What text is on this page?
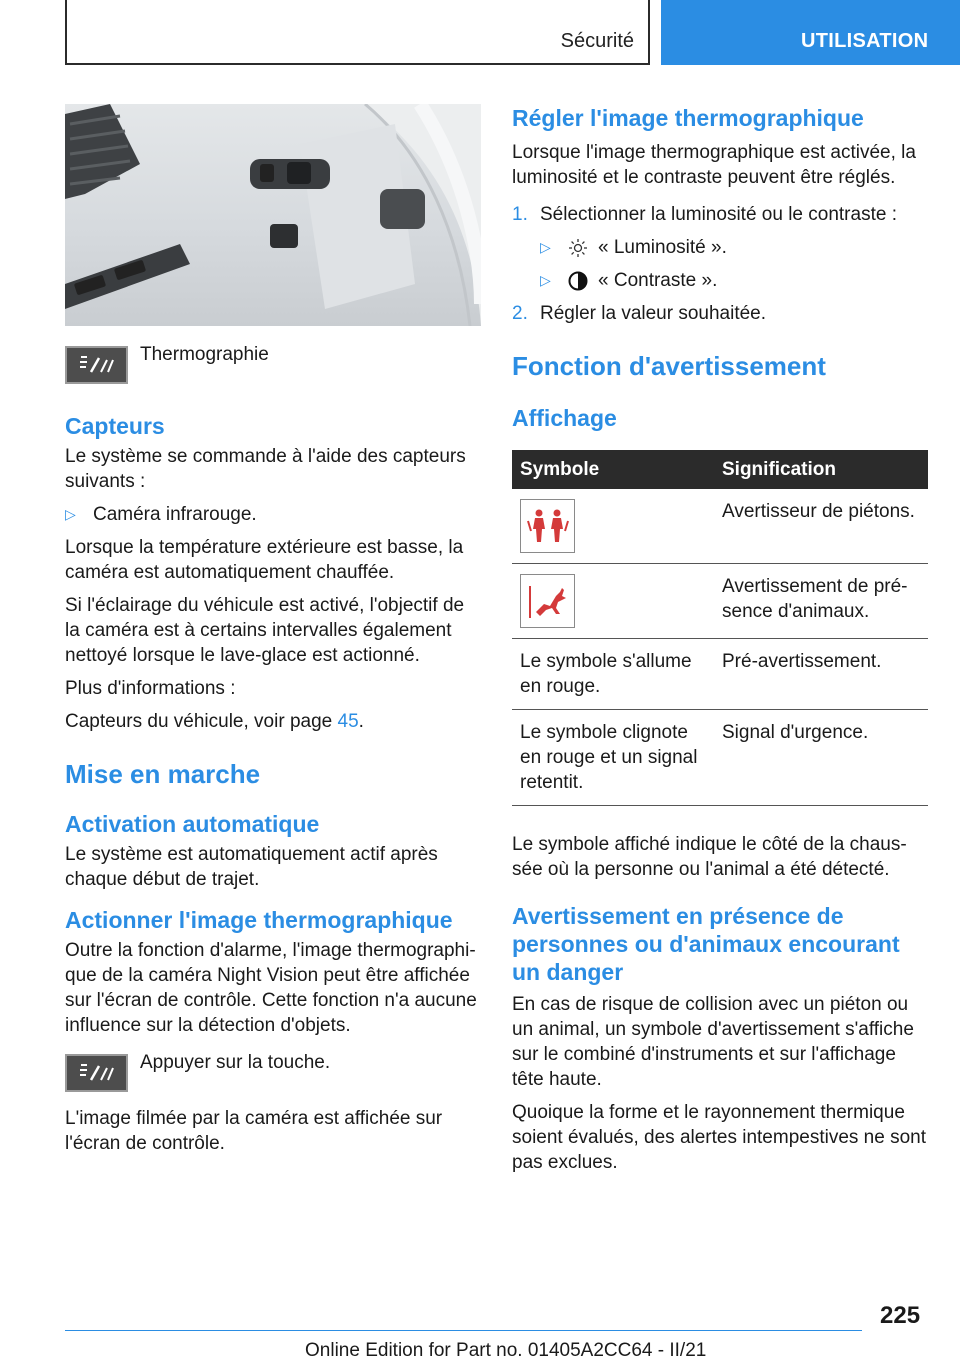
Sécurité	UTILISATION
Thermographie
Capteurs
Le système se commande à l'aide des capteurs suivants :
▷ Caméra infrarouge.
Lorsque la température extérieure est basse, la caméra est automatiquement chauffée.
Si l'éclairage du véhicule est activé, l'objectif de la caméra est à certains intervalles également nettoyé lorsque le lave-glace est actionné.
Plus d'informations :
Capteurs du véhicule, voir page 45.
Mise en marche
Activation automatique
Le système est automatiquement actif après chaque début de trajet.
Actionner l'image thermographique
Outre la fonction d'alarme, l'image thermographi-que de la caméra Night Vision peut être affichée sur l'écran de contrôle. Cette fonction n'a aucune influence sur la détection d'objets.
Appuyer sur la touche.
L'image filmée par la caméra est affichée sur l'écran de contrôle.
Régler l'image thermographique
Lorsque l'image thermographique est activée, la luminosité et le contraste peuvent être réglés.
1. Sélectionner la luminosité ou le contraste :
▷	« Luminosité ».
▷	« Contraste ».
2. Régler la valeur souhaitée.
Fonction d'avertissement
Affichage
Symbole	Signification

	Avertisseur de piétons.

	Avertissement de pré-sence d'animaux.
Le symbole s'allume en rouge.	Pré-avertissement.
Le symbole clignote en rouge et un signal retentit.	Signal d'urgence.
Le symbole affiché indique le côté de la chaus-sée où la personne ou l'animal a été détecté.
Avertissement en présence de personnes ou d'animaux encourant un danger
En cas de risque de collision avec un piéton ou un animal, un symbole d'avertissement s'affiche sur le combiné d'instruments et sur l'affichage tête haute.
Quoique la forme et le rayonnement thermique soient évalués, des alertes intempestives ne sont pas exclues.
225
Online Edition for Part no. 01405A2CC64 - II/21
